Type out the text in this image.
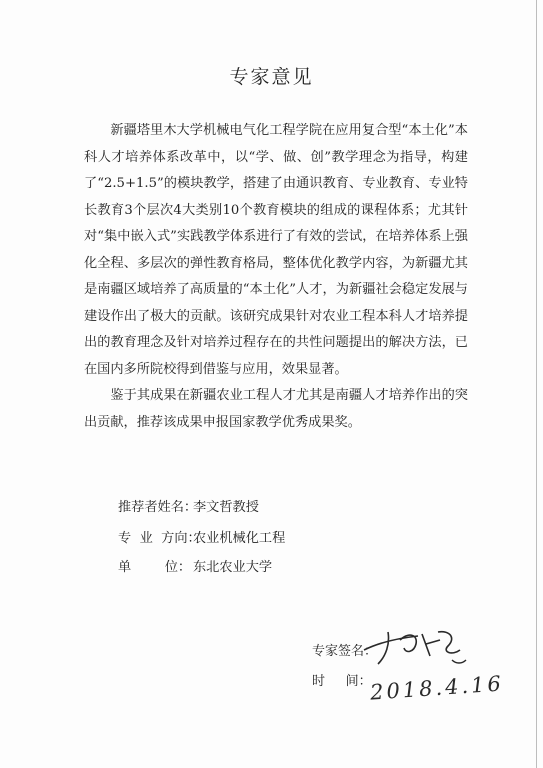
专家意见

新疆塔里木大学机械电气化工程学院在应用复合型“本土化”本科人才培养体系改革中，以“学、做、创”教学理念为指导，构建了“2.5+1.5”的模块教学，搭建了由通识教育、专业教育、专业特长教育3个层次4大类别10个教育模块的组成的课程体系；尤其针对“集中嵌入式”实践教学体系进行了有效的尝试，在培养体系上强化全程、多层次的弹性教育格局，整体优化教学内容，为新疆尤其是南疆区域培养了高质量的“本土化”人才，为新疆社会稳定发展与建设作出了极大的贡献。该研究成果针对农业工程本科人才培养提出的教育理念及针对培养过程存在的共性问题提出的解决方法，已在国内多所院校得到借鉴与应用，效果显著。

鉴于其成果在新疆农业工程人才尤其是南疆人才培养作出的突出贡献，推荐该成果申报国家教学优秀成果奖。

推荐者姓名：李文哲教授
专  业  方向：农业机械化工程
单        位： 东北农业大学
专家签名：
时     间：
2018.4.16
